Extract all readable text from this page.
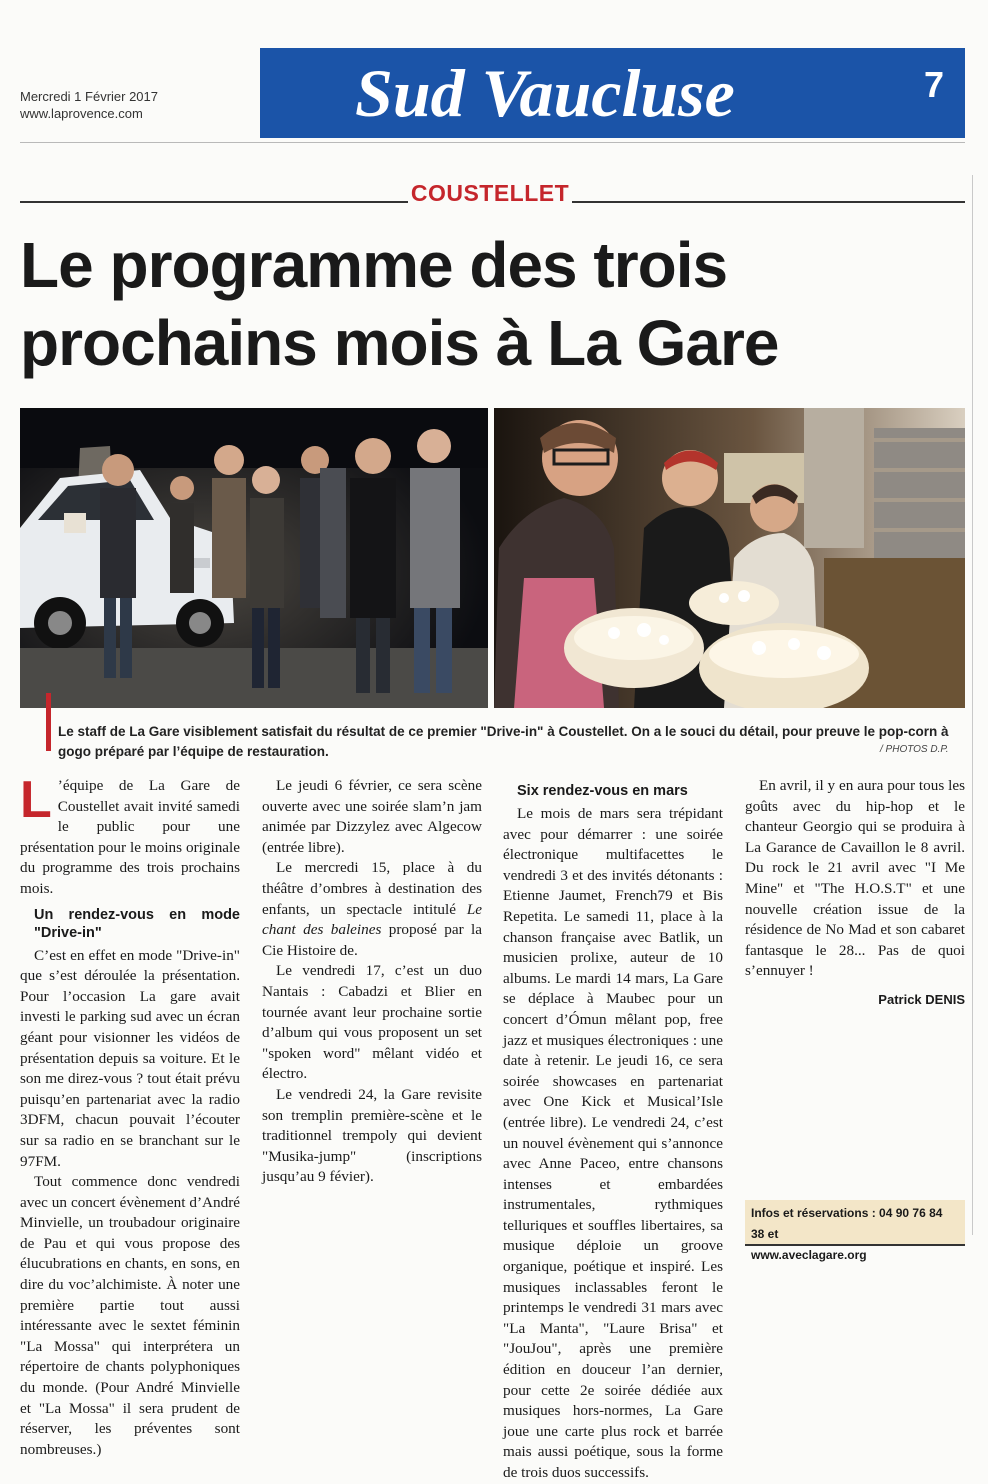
Mercredi 1 Février 2017
www.laprovence.com	Sud Vaucluse	7
COUSTELLET
Le programme des trois prochains mois à La Gare
Le staff de La Gare visiblement satisfait du résultat de ce premier "Drive-in" à Coustellet. On a le souci du détail, pour preuve le pop-corn à gogo préparé par l’équipe de restauration.	/ PHOTOS D.P.

L ’équipe de La Gare de Coustellet avait invité samedi le public pour une présentation pour le moins originale du programme des trois prochains mois.

Un rendez-vous en mode "Drive-in"

C’est en effet en mode "Drive-in" que s’est déroulée la présentation. Pour l’occasion La gare avait investi le parking sud avec un écran géant pour visionner les vidéos de présentation depuis sa voiture. Et le son me direz-vous ? tout était prévu puisqu’en partenariat avec la radio 3DFM, chacun pouvait l’écouter sur sa radio en se branchant sur le 97FM.

Tout commence donc vendredi avec un concert évènement d’André Minvielle, un troubadour originaire de Pau et qui vous propose des élucubrations en chants, en sons, en dire du voc’alchimiste. À noter une première partie tout aussi intéressante avec le sextet féminin "La Mossa" qui interprétera un répertoire de chants polyphoniques du monde. (Pour André Minvielle et "La Mossa" il sera prudent de réserver, les préventes sont nombreuses.)

Le jeudi 6 février, ce sera scène ouverte avec une soirée slam’n jam animée par Dizzylez avec Algecow (entrée libre).

Le mercredi 15, place à du théâtre d’ombres à destination des enfants, un spectacle intitulé Le chant des baleines proposé par la Cie Histoire de.

Le vendredi 17, c’est un duo Nantais : Cabadzi et Blier en tournée avant leur prochaine sortie d’album qui vous proposent un set "spoken word" mêlant vidéo et électro.

Le vendredi 24, la Gare revisite son tremplin première-scène et le traditionnel trempoly qui devient "Musika-jump" (inscriptions jusqu’au 9 févier).

Six rendez-vous en mars

Le mois de mars sera trépidant avec pour démarrer : une soirée électronique multifacettes le vendredi 3 et des invités détonants : Etienne Jaumet, French79 et Bis Repetita. Le samedi 11, place à la chanson française avec Batlik, un musicien prolixe, auteur de 10 albums. Le mardi 14 mars, La Gare se déplace à Maubec pour un concert d’Ómun mêlant pop, free jazz et musiques électroniques : une date à retenir. Le jeudi 16, ce sera soirée showcases en partenariat avec One Kick et Musical’Isle (entrée libre). Le vendredi 24, c’est un nouvel évènement qui s’annonce avec Anne Paceo, entre chansons intenses et embardées instrumentales, rythmiques telluriques et souffles libertaires, sa musique déploie un groove organique, poétique et inspiré. Les musiques inclassables feront le printemps le vendredi 31 mars avec "La Manta", "Laure Brisa" et "JouJou", après une première édition en douceur l’an dernier, pour cette 2e soirée dédiée aux musiques hors-normes, La Gare joue une carte plus rock et barrée mais aussi poétique, sous la forme de trois duos successifs.

En avril, il y en aura pour tous les goûts avec du hip-hop et le chanteur Georgio qui se produira à La Garance de Cavaillon le 8 avril. Du rock le 21 avril avec "I Me Mine" et "The H.O.S.T" et une nouvelle création issue de la résidence de No Mad et son cabaret fantasque le 28... Pas de quoi s’ennuyer !

Patrick DENIS
Infos et réservations : 04 90 76 84 38 et
www.aveclagare.org
